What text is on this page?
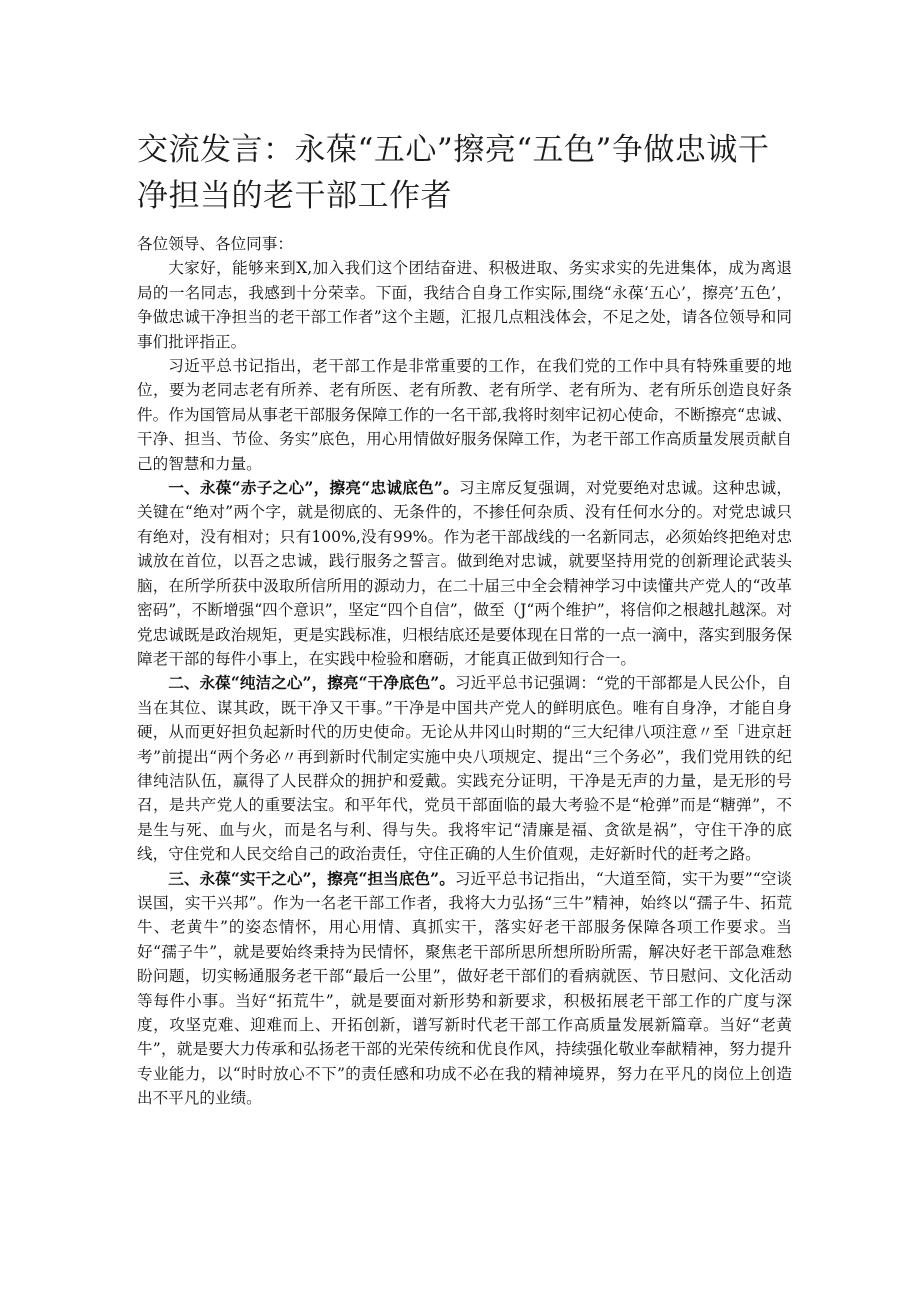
交流发言：永葆“五心”擦亮“五色”争做忠诚干净担当的老干部工作者

各位领导、各位同事：

大家好，能够来到X,加入我们这个团结奋进、积极进取、务实求实的先进集体，成为离退局的一名同志，我感到十分荣幸。下面，我结合自身工作实际,围绕“永葆‘五心’，擦亮’五色’，争做忠诚干净担当的老干部工作者”这个主题，汇报几点粗浅体会，不足之处，请各位领导和同事们批评指正。

习近平总书记指出，老干部工作是非常重要的工作，在我们党的工作中具有特殊重要的地位，要为老同志老有所养、老有所医、老有所教、老有所学、老有所为、老有所乐创造良好条件。作为国管局从事老干部服务保障工作的一名干部,我将时刻牢记初心使命，不断擦亮“忠诚、干净、担当、节俭、务实”底色，用心用情做好服务保障工作，为老干部工作高质量发展贡献自己的智慧和力量。

一、永葆“赤子之心”，擦亮“忠诚底色”。习主席反复强调，对党要绝对忠诚。这种忠诚，关键在“绝对”两个字，就是彻底的、无条件的，不掺任何杂质、没有任何水分的。对党忠诚只有绝对，没有相对；只有100%,没有99%。作为老干部战线的一名新同志，必须始终把绝对忠诚放在首位，以吾之忠诚，践行服务之誓言。做到绝对忠诚，就要坚持用党的创新理论武装头脑，在所学所获中汲取所信所用的源动力，在二十届三中全会精神学习中读懂共产党人的“改革密码”，不断增强“四个意识”，坚定“四个自信”，做至（J“两个维护”，将信仰之根越扎越深。对党忠诚既是政治规矩，更是实践标准，归根结底还是要体现在日常的一点一滴中，落实到服务保障老干部的每件小事上，在实践中检验和磨砺，才能真正做到知行合一。

二、永葆“纯洁之心”，擦亮“干净底色”。习近平总书记强调：“党的干部都是人民公仆，自当在其位、谋其政，既干净又干事。”干净是中国共产党人的鲜明底色。唯有自身净，才能自身硬，从而更好担负起新时代的历史使命。无论从井冈山时期的“三大纪律八项注意〃至「进京赶考”前提出“两个务必〃再到新时代制定实施中央八项规定、提出“三个务必”，我们党用铁的纪律纯洁队伍，赢得了人民群众的拥护和爱戴。实践充分证明，干净是无声的力量，是无形的号召，是共产党人的重要法宝。和平年代，党员干部面临的最大考验不是“枪弹”而是“糖弹”，不是生与死、血与火，而是名与利、得与失。我将牢记“清廉是福、贪欲是祸”，守住干净的底线，守住党和人民交给自己的政治责任，守住正确的人生价值观，走好新时代的赶考之路。

三、永葆“实干之心”，擦亮“担当底色”。习近平总书记指出，“大道至简，实干为要”“空谈误国，实干兴邦”。作为一名老干部工作者，我将大力弘扬“三牛”精神，始终以“孺子牛、拓荒牛、老黄牛”的姿态情怀，用心用情、真抓实干，落实好老干部服务保障各项工作要求。当好“孺子牛”，就是要始终秉持为民情怀，聚焦老干部所思所想所盼所需，解决好老干部急难愁盼问题，切实畅通服务老干部“最后一公里”，做好老干部们的看病就医、节日慰问、文化活动等每件小事。当好“拓荒牛”，就是要面对新形势和新要求，积极拓展老干部工作的广度与深度，攻坚克难、迎难而上、开拓创新，谱写新时代老干部工作高质量发展新篇章。当好“老黄牛”，就是要大力传承和弘扬老干部的光荣传统和优良作风，持续强化敬业奉献精神，努力提升专业能力，以“时时放心不下”的责任感和功成不必在我的精神境界，努力在平凡的岗位上创造出不平凡的业绩。
